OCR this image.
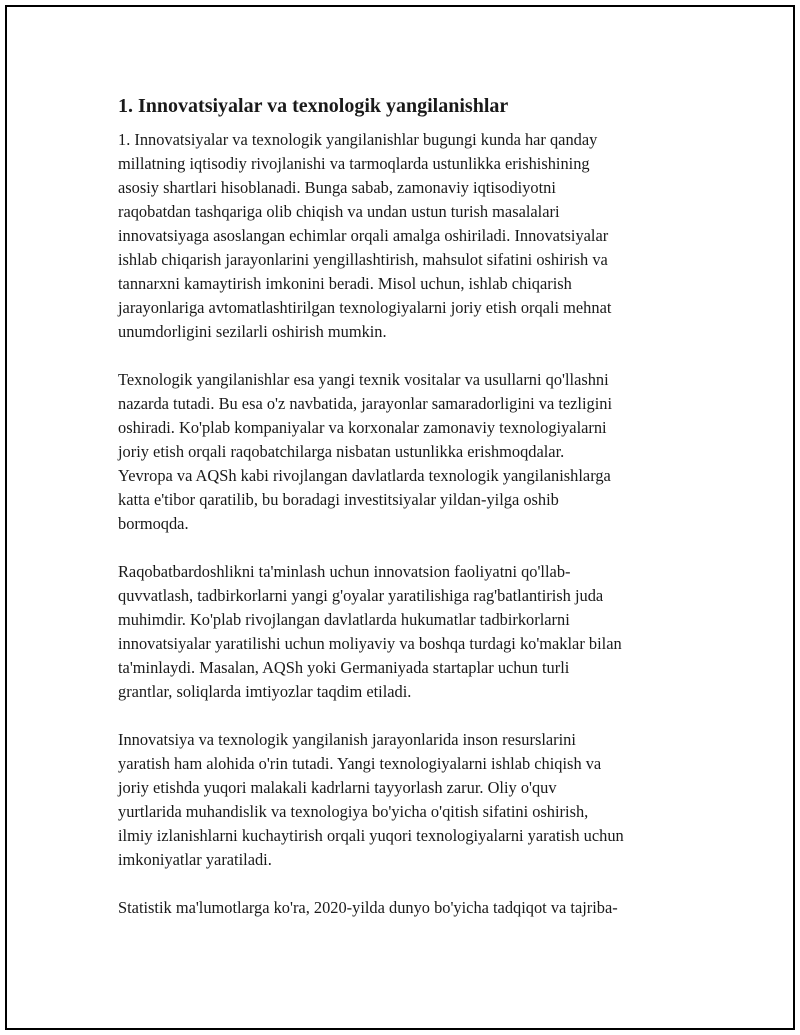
1. Innovatsiyalar va texnologik yangilanishlar

1. Innovatsiyalar va texnologik yangilanishlar bugungi kunda har qanday
millatning iqtisodiy rivojlanishi va tarmoqlarda ustunlikka erishishining
asosiy shartlari hisoblanadi. Bunga sabab, zamonaviy iqtisodiyotni
raqobatdan tashqariga olib chiqish va undan ustun turish masalalari
innovatsiyaga asoslangan echimlar orqali amalga oshiriladi. Innovatsiyalar
ishlab chiqarish jarayonlarini yengillashtirish, mahsulot sifatini oshirish va
tannarxni kamaytirish imkonini beradi. Misol uchun, ishlab chiqarish
jarayonlariga avtomatlashtirilgan texnologiyalarni joriy etish orqali mehnat
unumdorligini sezilarli oshirish mumkin.

Texnologik yangilanishlar esa yangi texnik vositalar va usullarni qo'llashni
nazarda tutadi. Bu esa o'z navbatida, jarayonlar samaradorligini va tezligini
oshiradi. Ko'plab kompaniyalar va korxonalar zamonaviy texnologiyalarni
joriy etish orqali raqobatchilarga nisbatan ustunlikka erishmoqdalar.
Yevropa va AQSh kabi rivojlangan davlatlarda texnologik yangilanishlarga
katta e'tibor qaratilib, bu boradagi investitsiyalar yildan-yilga oshib
bormoqda.

Raqobatbardoshlikni ta'minlash uchun innovatsion faoliyatni qo'llab-
quvvatlash, tadbirkorlarni yangi g'oyalar yaratilishiga rag'batlantirish juda
muhimdir. Ko'plab rivojlangan davlatlarda hukumatlar tadbirkorlarni
innovatsiyalar yaratilishi uchun moliyaviy va boshqa turdagi ko'maklar bilan
ta'minlaydi. Masalan, AQSh yoki Germaniyada startaplar uchun turli
grantlar, soliqlarda imtiyozlar taqdim etiladi.

Innovatsiya va texnologik yangilanish jarayonlarida inson resurslarini
yaratish ham alohida o'rin tutadi. Yangi texnologiyalarni ishlab chiqish va
joriy etishda yuqori malakali kadrlarni tayyorlash zarur. Oliy o'quv
yurtlarida muhandislik va texnologiya bo'yicha o'qitish sifatini oshirish,
ilmiy izlanishlarni kuchaytirish orqali yuqori texnologiyalarni yaratish uchun
imkoniyatlar yaratiladi.

Statistik ma'lumotlarga ko'ra, 2020-yilda dunyo bo'yicha tadqiqot va tajriba-
